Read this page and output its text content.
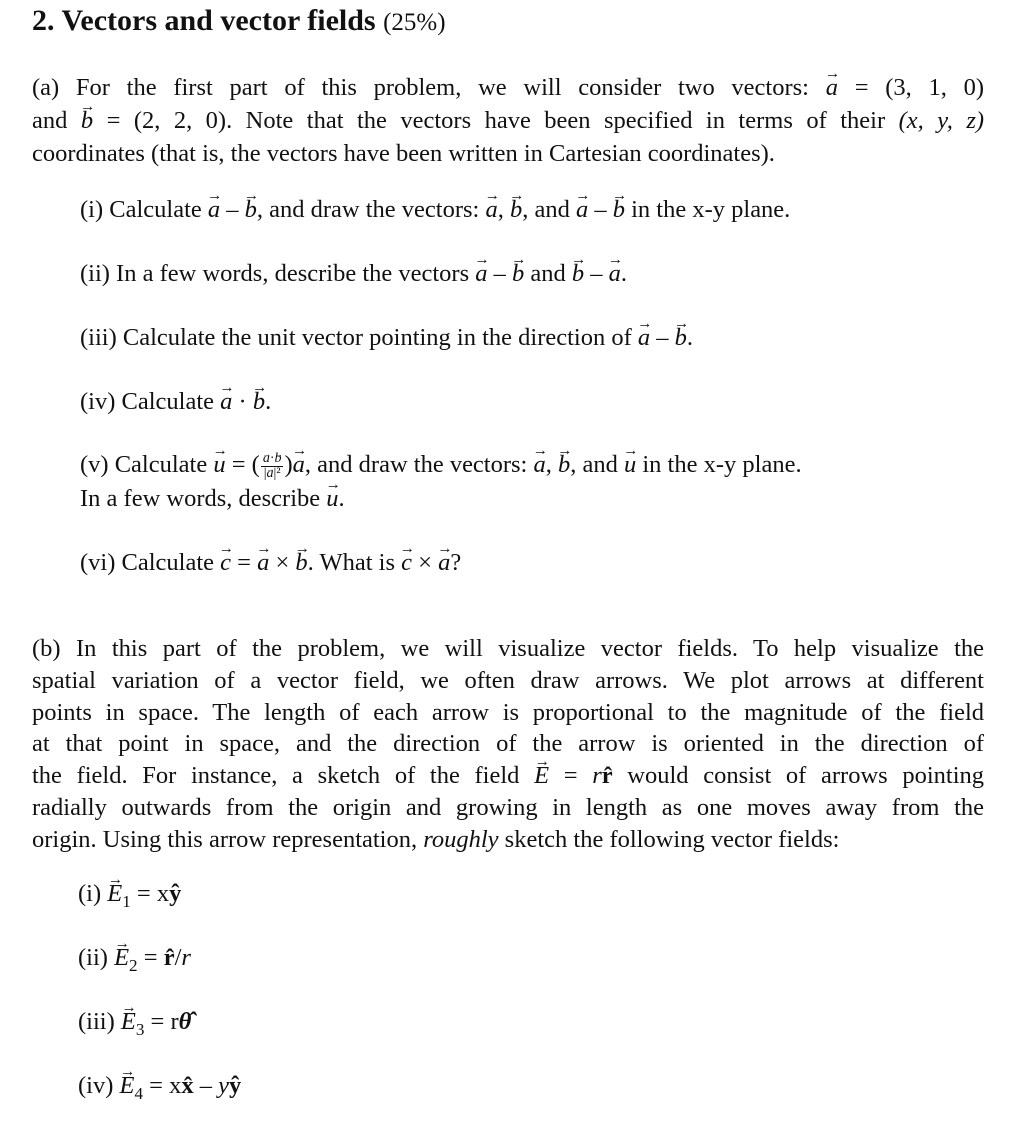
2. Vectors and vector fields (25%)
(a) For the first part of this problem, we will consider two vectors: a → = (3, 1, 0)
and b → = (2, 2, 0). Note that the vectors have been specified in terms of their (x, y, z)
coordinates (that is, the vectors have been written in Cartesian coordinates).
(i) Calculate a → – b →, and draw the vectors: a →, b →, and a → – b → in the x-y plane.
(ii) In a few words, describe the vectors a → – b → and b → – a →.
(iii) Calculate the unit vector pointing in the direction of a → – b →.
(iv) Calculate a → · b →.
(v) Calculate u → = ( $\frac{a \to\cdot b \to}{\text{|a →|²}} )a$ →, and draw the vectors: a →, b →, and u → in the x-y plane.
In a few words, describe u →.
(vi) Calculate c → = a → × b →. What is c → × a →?
(b) In this part of the problem, we will visualize vector fields. To help visualize the
spatial variation of a vector field, we often draw arrows. We plot arrows at different
points in space. The length of each arrow is proportional to the magnitude of the field
at that point in space, and the direction of the arrow is oriented in the direction of
the field. For instance, a sketch of the field E → = rr̂ would consist of arrows pointing
radially outwards from the origin and growing in length as one moves away from the
origin. Using this arrow representation, roughly sketch the following vector fields:
(i) $E \to_1$ = xŷ
(ii) $E \to_2$ = r̂/r
(iii) $E \to_3$ = rθ̂
(iv) $E \to_4$ = xx̂ – yŷ
